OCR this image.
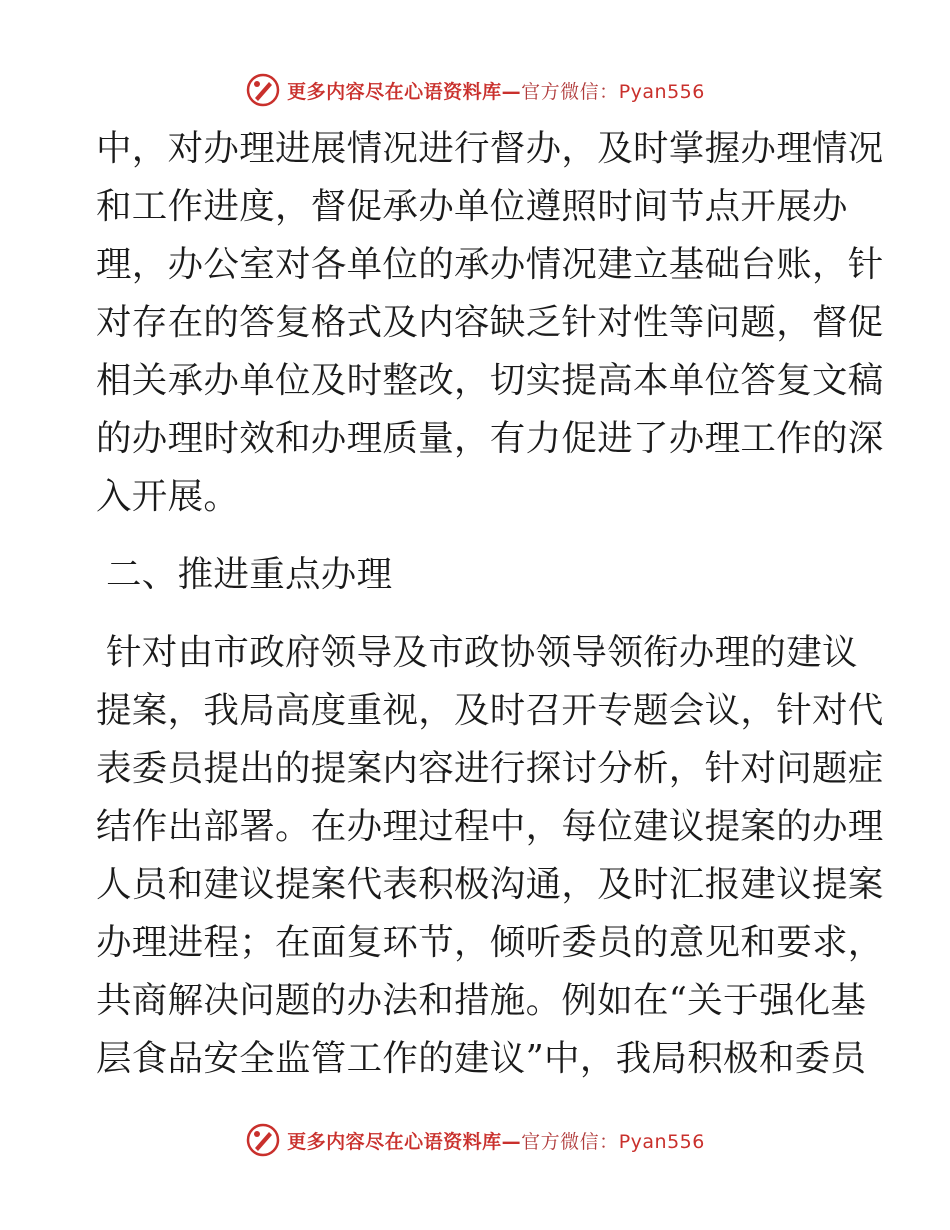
更多内容尽在心语资料库—官方微信：Pyan556
中，对办理进展情况进行督办，及时掌握办理情况
和工作进度，督促承办单位遵照时间节点开展办
理，办公室对各单位的承办情况建立基础台账，针
对存在的答复格式及内容缺乏针对性等问题，督促
相关承办单位及时整改，切实提高本单位答复文稿
的办理时效和办理质量，有力促进了办理工作的深
入开展。
二、推进重点办理
针对由市政府领导及市政协领导领衔办理的建议
提案，我局高度重视，及时召开专题会议，针对代
表委员提出的提案内容进行探讨分析，针对问题症
结作出部署。在办理过程中，每位建议提案的办理
人员和建议提案代表积极沟通，及时汇报建议提案
办理进程；在面复环节，倾听委员的意见和要求，
共商解决问题的办法和措施。例如在“关于强化基
层食品安全监管工作的建议”中，我局积极和委员
更多内容尽在心语资料库—官方微信：Pyan556
